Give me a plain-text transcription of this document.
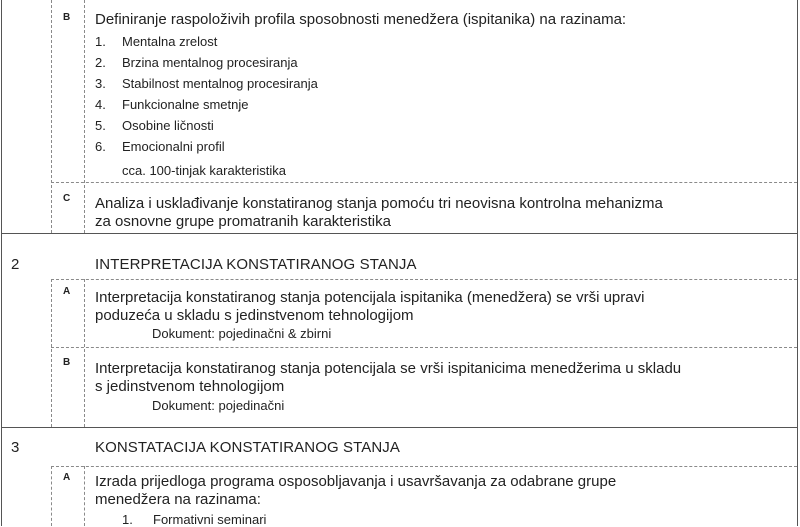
B Definiranje raspoloživih profila sposobnosti menedžera (ispitanika) na razinama:
1. Mentalna zrelost
2. Brzina mentalnog procesiranja
3. Stabilnost mentalnog procesiranja
4. Funkcionalne smetnje
5. Osobine ličnosti
6. Emocionalni profil
cca. 100-tinjak karakteristika
C Analiza i usklađivanje konstatiranog stanja pomoću tri neovisna kontrolna mehanizma
za osnovne grupe promatranih karakteristika
2	INTERPRETACIJA KONSTATIRANOG STANJA
A Interpretacija konstatiranog stanja potencijala ispitanika (menedžera) se vrši upravi
poduzeća u skladu s jedinstvenom tehnologijom
Dokument: pojedinačni & zbirni
B Interpretacija konstatiranog stanja potencijala se vrši ispitanicima menedžerima u skladu
s jedinstvenom tehnologijom
Dokument: pojedinačni
3	KONSTATACIJA KONSTATIRANOG STANJA
A Izrada prijedloga programa osposobljavanja i usavršavanja za odabrane grupe
menedžera na razinama:
1. Formativni seminari
